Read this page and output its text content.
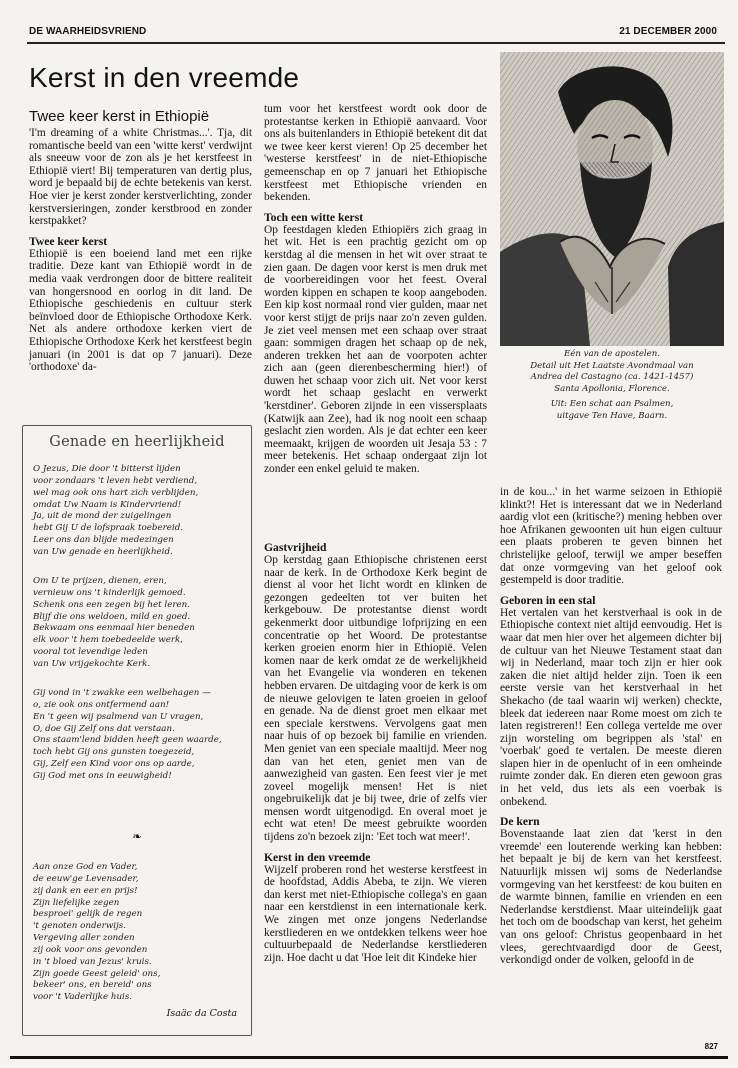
DE WAARHEIDSVRIEND	21 DECEMBER 2000
Kerst in den vreemde
Twee keer kerst in Ethiopië

'I'm dreaming of a white Christmas...'. Tja, dit romantische beeld van een 'witte kerst' verdwijnt als sneeuw voor de zon als je het kerstfeest in Ethiopië viert! Bij temperaturen van dertig plus, word je bepaald bij de echte betekenis van kerst. Hoe vier je kerst zonder kerstverlichting, zonder kerstversieringen, zonder kerstbrood en zonder kerstpakket?

Twee keer kerst

Ethiopië is een boeiend land met een rijke traditie. Deze kant van Ethiopië wordt in de media vaak verdrongen door de bittere realiteit van hongersnood en oorlog in dit land. De Ethiopische geschiedenis en cultuur sterk beïnvloed door de Ethiopische Orthodoxe Kerk. Net als andere orthodoxe kerken viert de Ethiopische Orthodoxe Kerk het kerstfeest begin januari (in 2001 is dat op 7 januari). Deze 'orthodoxe' da-

Genade en heerlijkheid
O Jezus, Die door 't bitterst lijden
voor zondaars 't leven hebt verdiend,
wel mag ook ons hart zich verblijden,
omdat Uw Naam is Kindervriend!
Ja, uit de mond der zuigelingen
hebt Gij U de lofspraak toebereid.
Leer ons dan blijde medezingen
van Uw genade en heerlijkheid.
Om U te prijzen, dienen, eren,
vernieuw ons 't kinderlijk gemoed.
Schenk ons een zegen bij het leren.
Blijf die ons weldoen, mild en goed.
Bekwaam ons eenmaal hier beneden
elk voor 't hem toebedeelde werk,
vooral tot levendige leden
van Uw vrijgekochte Kerk.
Gij vond in 't zwakke een welbehagen —
o, zie ook ons ontfermend aan!
En 't geen wij psalmend van U vragen,
O, doe Gij Zelf ons dat verstaan.
Ons staam'lend bidden heeft geen waarde,
toch hebt Gij ons gunsten toegezeid,
Gij, Zelf een Kind voor ons op aarde,
Gij God met ons in eeuwigheid!
❧
Aan onze God en Vader,
de eeuw'ge Levensader,
zij dank en eer en prijs!
Zijn liefelijke zegen
besproei' gelijk de regen
't genoten onderwijs.
Vergeving aller zonden
zij ook voor ons gevonden
in 't bloed van Jezus' kruis.
Zijn goede Geest geleid' ons,
bekeer' ons, en bereid' ons
voor 't Vaderlijke huis.
Isaäc da Costa

tum voor het kerstfeest wordt ook door de protestantse kerken in Ethiopië aanvaard. Voor ons als buitenlanders in Ethiopië betekent dit dat we twee keer kerst vieren! Op 25 december het 'westerse kerstfeest' in de niet-Ethiopische gemeenschap en op 7 januari het Ethiopische kerstfeest met Ethiopische vrienden en bekenden.

Toch een witte kerst

Op feestdagen kleden Ethiopiërs zich graag in het wit. Het is een prachtig gezicht om op kerstdag al die mensen in het wit over straat te zien gaan. De dagen voor kerst is men druk met de voorbereidingen voor het feest. Overal worden kippen en schapen te koop aangeboden. Een kip kost normaal rond vier gulden, maar net voor kerst stijgt de prijs naar zo'n zeven gulden. Je ziet veel mensen met een schaap over straat gaan: sommigen dragen het schaap op de nek, anderen trekken het aan de voorpoten achter zich aan (geen dierenbescherming hier!) of duwen het schaap voor zich uit. Net voor kerst wordt het schaap geslacht en verwerkt 'kerstdiner'. Geboren zijnde in een vissersplaats (Katwijk aan Zee), had ik nog nooit een schaap geslacht zien worden. Als je dat echter een keer meemaakt, krijgen de woorden uit Jesaja 53 : 7 meer betekenis. Het schaap ondergaat zijn lot zonder een enkel geluid te maken.

Gastvrijheid

Op kerstdag gaan Ethiopische christenen eerst naar de kerk. In de Orthodoxe Kerk begint de dienst al voor het licht wordt en klinken de gezongen gedeelten tot ver buiten het kerkgebouw. De protestantse dienst wordt gekenmerkt door uitbundige lofprijzing en een concentratie op het Woord. De protestantse kerken groeien enorm hier in Ethiopië. Velen komen naar de kerk omdat ze de werkelijkheid van het Evangelie via wonderen en tekenen hebben ervaren. De uitdaging voor de kerk is om de nieuwe gelovigen te laten groeien in geloof en genade. Na de dienst groet men elkaar met een speciale kerstwens. Vervolgens gaat men naar huis of op bezoek bij familie en vrienden. Men geniet van een speciale maaltijd. Meer nog dan van het eten, geniet men van de aanwezigheid van gasten. Een feest vier je met zoveel mogelijk mensen! Het is niet ongebruikelijk dat je bij twee, drie of zelfs vier mensen wordt uitgenodigd. En overal moet je echt wat eten! De meest gebruikte woorden tijdens zo'n bezoek zijn: 'Eet toch wat meer!'.

Kerst in den vreemde

Wijzelf proberen rond het westerse kerstfeest in de hoofdstad, Addis Abeba, te zijn. We vieren dan kerst met niet-Ethiopische collega's en gaan naar een kerstdienst in een internationale kerk. We zingen met onze jongens Nederlandse kerstliederen en we ontdekken telkens weer hoe cultuurbepaald de Nederlandse kerstliederen zijn. Hoe dacht u dat 'Hoe leit dit Kindeke hier

Eén van de apostelen.
Detail uit Het Laatste Avondmaal van
Andrea del Castagno (ca. 1421-1457)
Santa Apollonia, Florence.
Uit: Een schat aan Psalmen,
uitgave Ten Have, Baarn.

in de kou...' in het warme seizoen in Ethiopië klinkt?! Het is interessant dat we in Nederland aardig vlot een (kritische?) mening hebben over hoe Afrikanen gewoonten uit hun eigen cultuur een plaats proberen te geven binnen het christelijke geloof, terwijl we amper beseffen dat onze vormgeving van het geloof ook gestempeld is door traditie.

Geboren in een stal

Het vertalen van het kerstverhaal is ook in de Ethiopische context niet altijd eenvoudig. Het is waar dat men hier over het algemeen dichter bij de cultuur van het Nieuwe Testament staat dan wij in Nederland, maar toch zijn er hier ook zaken die niet altijd helder zijn. Toen ik een eerste versie van het kerstverhaal in het Shekacho (de taal waarin wij werken) checkte, bleek dat iedereen naar Rome moest om zich te laten registreren!! Een collega vertelde me over zijn worsteling om begrippen als 'stal' en 'voerbak' goed te vertalen. De meeste dieren slapen hier in de openlucht of in een omheinde ruimte zonder dak. En dieren eten gewoon gras in het veld, dus iets als een voerbak is onbekend.

De kern

Bovenstaande laat zien dat 'kerst in den vreemde' een louterende werking kan hebben: het bepaalt je bij de kern van het kerstfeest. Natuurlijk missen wij soms de Nederlandse vormgeving van het kerstfeest: de kou buiten en de warmte binnen, familie en vrienden en een Nederlandse kerstdienst. Maar uiteindelijk gaat het toch om de boodschap van kerst, het geheim van ons geloof: Christus geopenbaard in het vlees, gerechtvaardigd door de Geest, verkondigd onder de volken, geloofd in de

827
